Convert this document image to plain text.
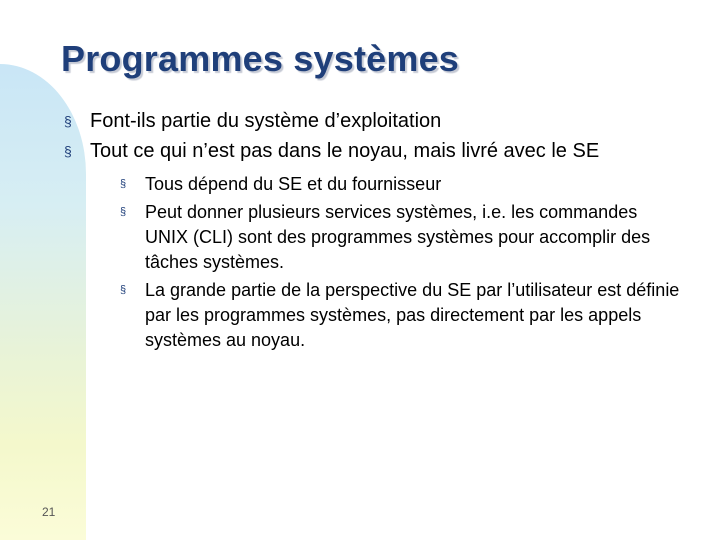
Programmes systèmes
§ Font-ils partie du système d’exploitation
§ Tout ce qui n’est pas dans le noyau, mais livré avec le SE
§ Tous dépend du SE et du fournisseur
§ Peut donner plusieurs services systèmes, i.e. les commandes UNIX (CLI) sont des programmes systèmes pour accomplir des tâches systèmes.
§ La grande partie de la perspective du SE par l’utilisateur est définie par les programmes systèmes, pas directement par les appels systèmes au noyau.
21
